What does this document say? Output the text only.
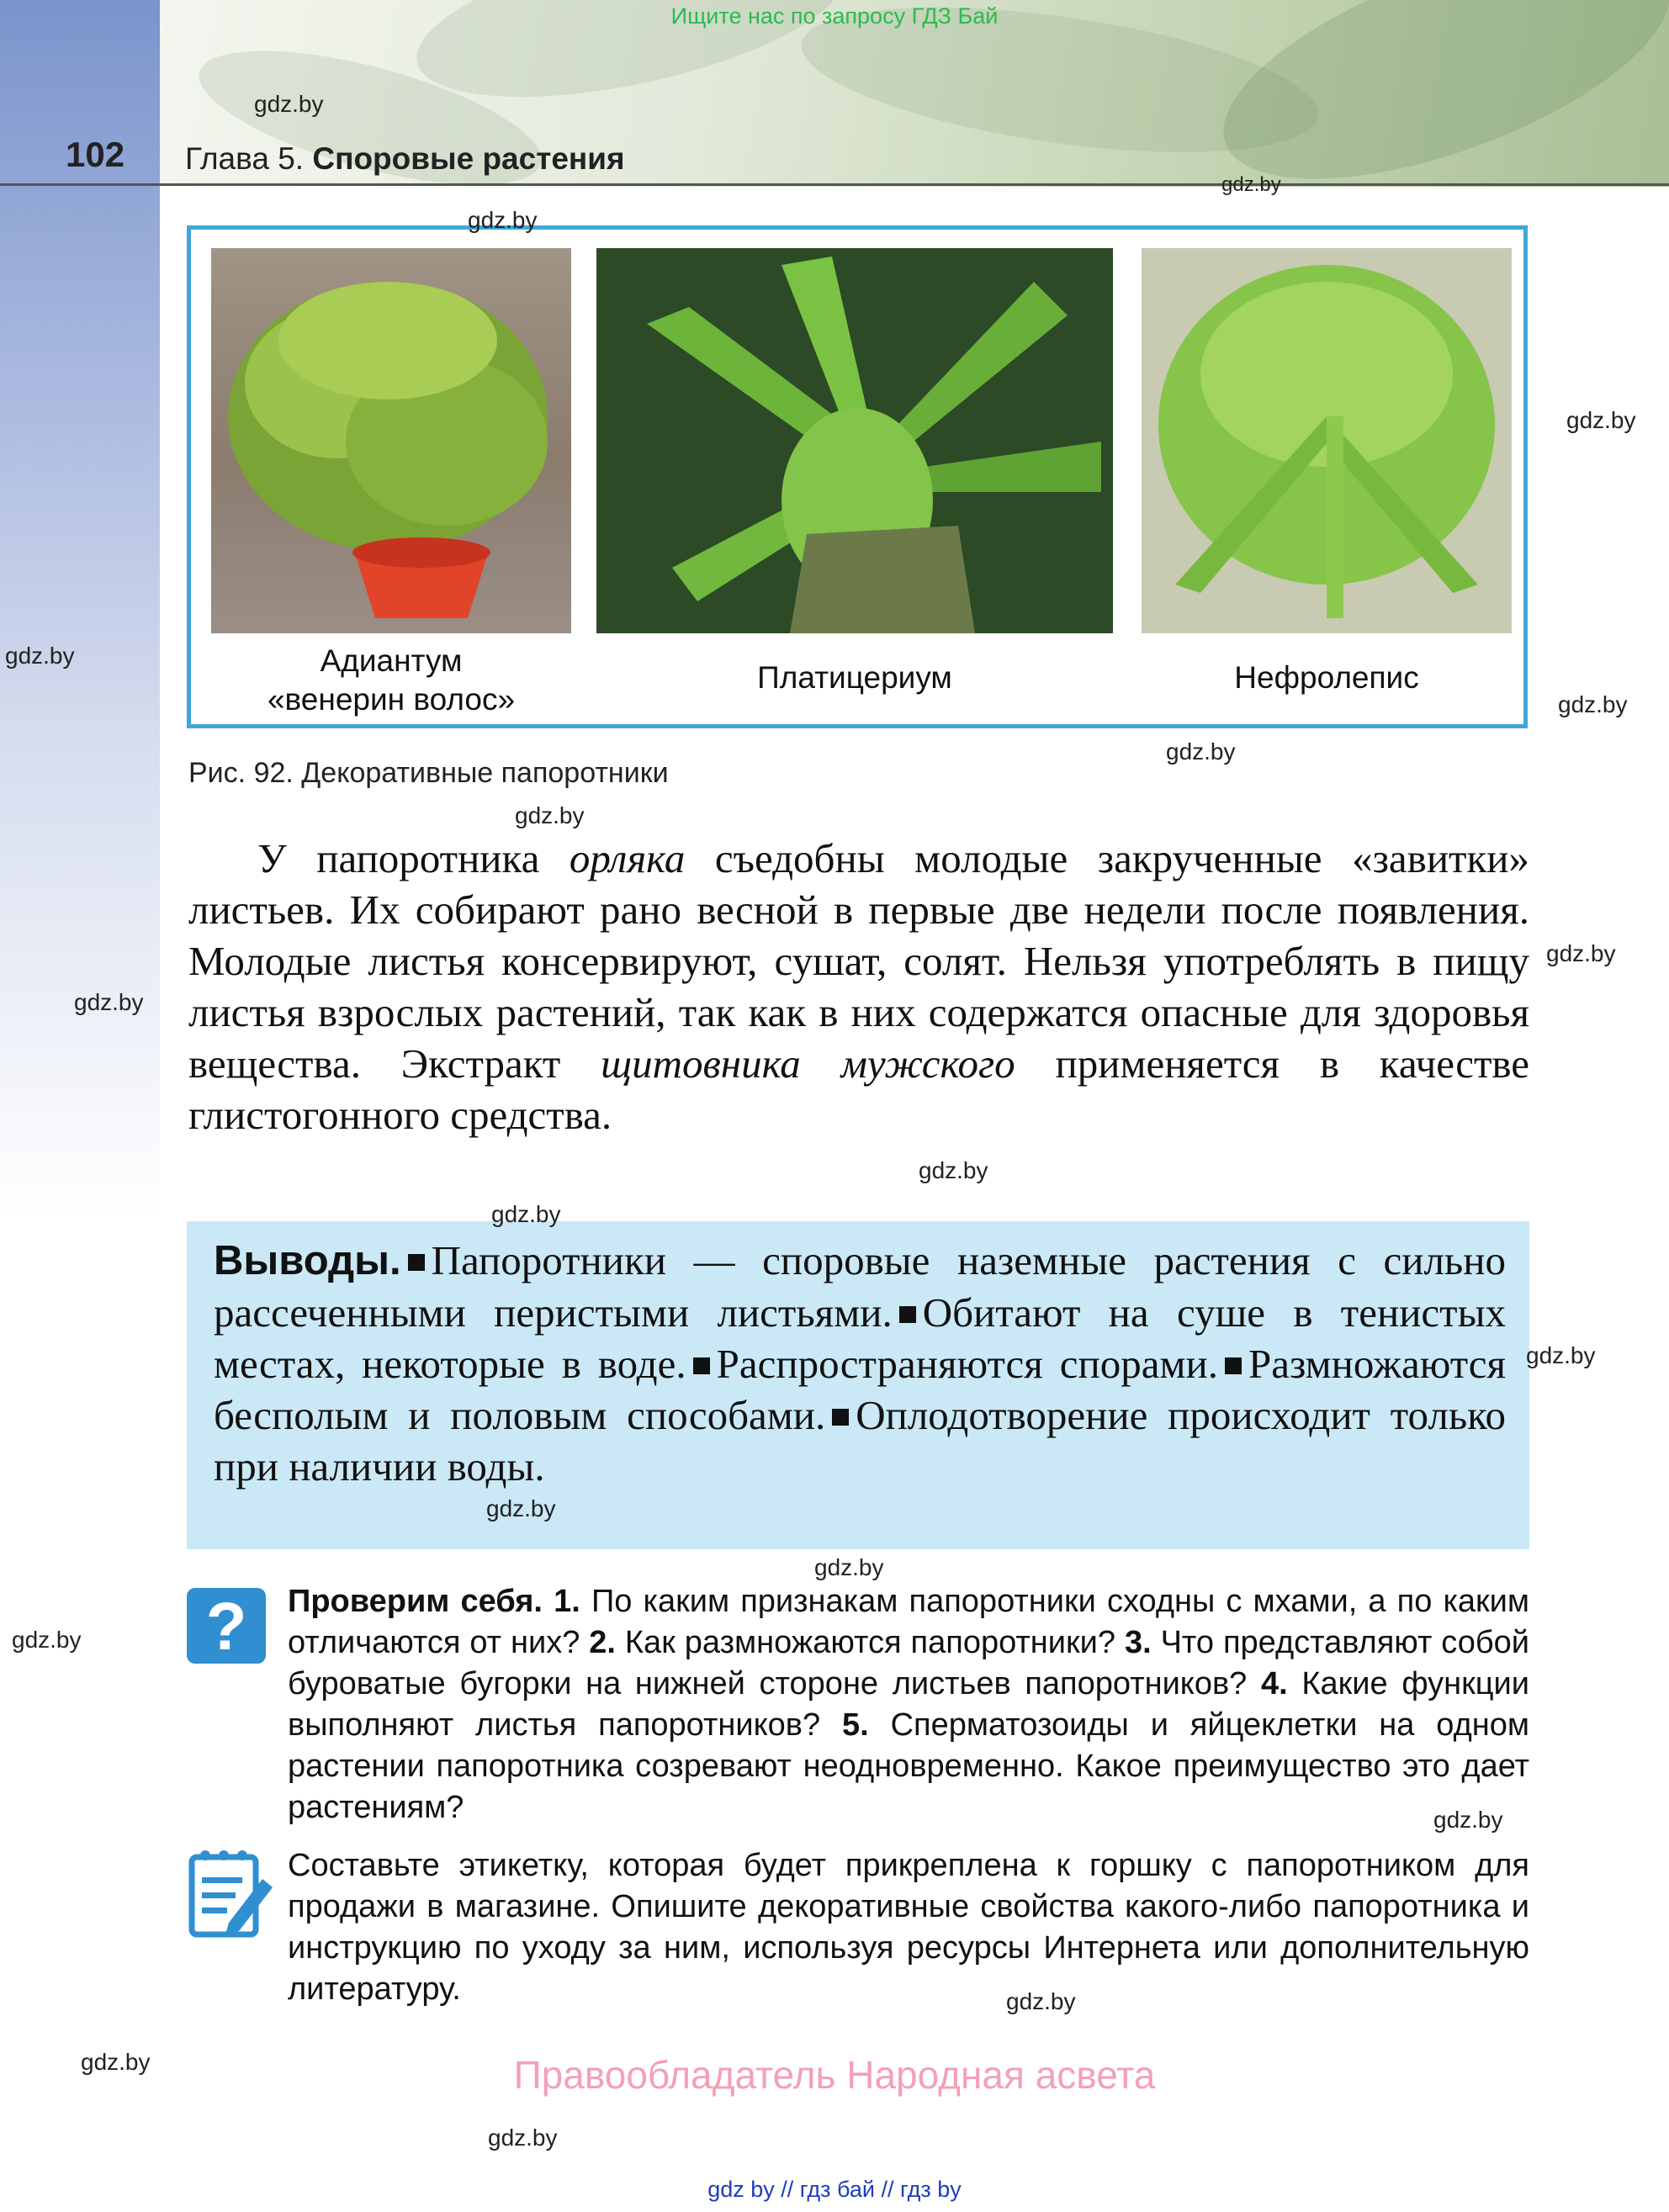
Ищите нас по запросу ГДЗ Бай
102 Глава 5. Споровые растения
Адиантум
«венерин волос»
Платицериум	Нефролепис
Рис. 92. Декоративные папоротники
У папоротника орляка съедобны молодые закрученные «завитки» листьев. Их собирают рано весной в первые две недели после появления. Молодые листья консервируют, сушат, солят. Нельзя употреблять в пищу листья взрослых растений, так как в них содержатся опасные для здоровья вещества. Экстракт щитовника мужского применяется в качестве глистогонного средства.
Выводы. Папоротники — споровые наземные растения с сильно рассеченными перистыми листьями. Обитают на суше в тенистых местах, некоторые в воде. Распространяются спорами. Размножаются бесполым и половым способами. Оплодотворение происходит только при наличии воды.
?	Проверим себя. 1. По каким признакам папоротники сходны с мхами, а по каким отличаются от них? 2. Как размножаются папоротники? 3. Что представляют собой буроватые бугорки на нижней стороне листьев папоротников? 4. Какие функции выполняют листья папоротников? 5. Сперматозоиды и яйцеклетки на одном растении папоротника созревают неодновременно. Какое преимущество это дает растениям?
Составьте этикетку, которая будет прикреплена к горшку с папоротником для продажи в магазине. Опишите декоративные свойства какого-либо папоротника и инструкцию по уходу за ним, используя ресурсы Интернета или дополнительную литературу.
gdz.by
gdz.by
gdz.by
gdz.by
gdz.by
gdz.by
gdz.by
gdz.by
gdz.by
gdz.by
gdz.by
gdz.by
gdz.by
gdz.by
gdz.by
gdz.by
gdz.by
gdz.by
gdz.by
gdz.by
Правообладатель Народная асвета
gdz by // гдз бай // гдз by
